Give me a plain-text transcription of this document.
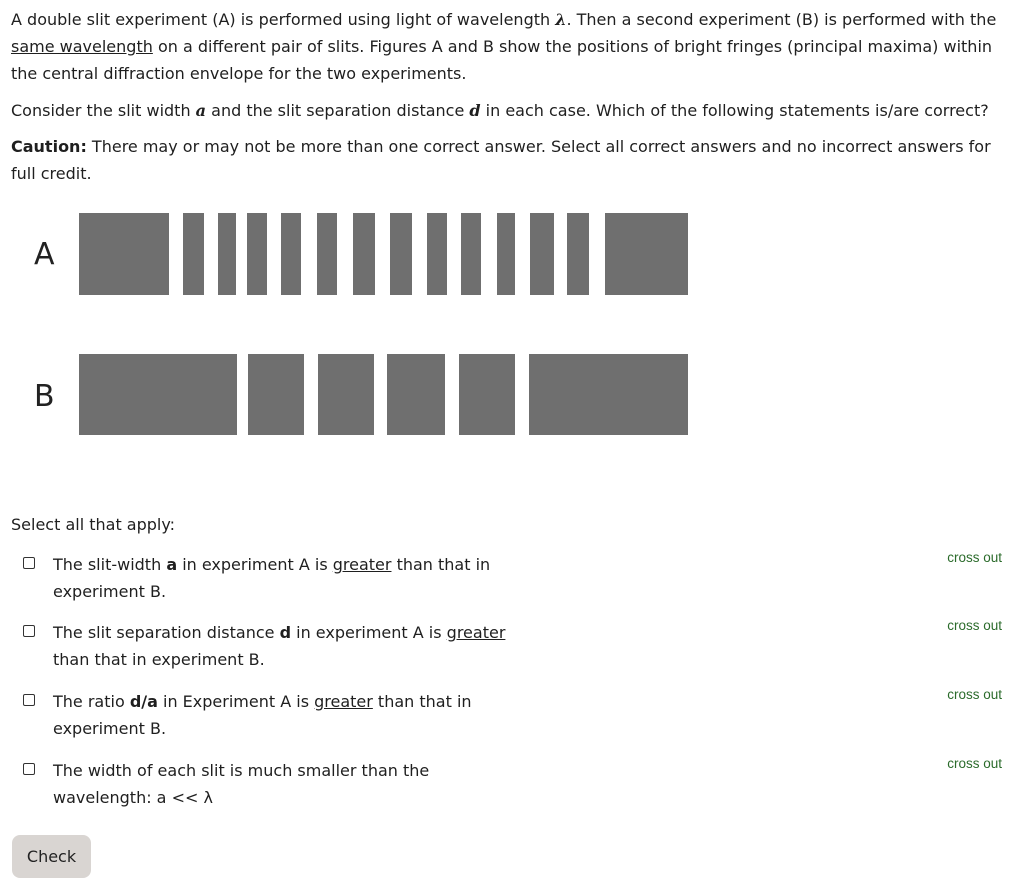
A double slit experiment (A) is performed using light of wavelength λ. Then a second experiment (B) is performed with the same wavelength on a different pair of slits. Figures A and B show the positions of bright fringes (principal maxima) within the central diffraction envelope for the two experiments.

Consider the slit width a and the slit separation distance d in each case. Which of the following statements is/are correct?

Caution: There may or may not be more than one correct answer. Select all correct answers and no incorrect answers for full credit.

A
B
Select all that apply:
The slit-width a in experiment A is greater than that in experiment B.
cross out
The slit separation distance d in experiment A is greater than that in experiment B.
cross out
The ratio d/a in Experiment A is greater than that in experiment B.
cross out
The width of each slit is much smaller than the wavelength: a << λ
cross out
Check
